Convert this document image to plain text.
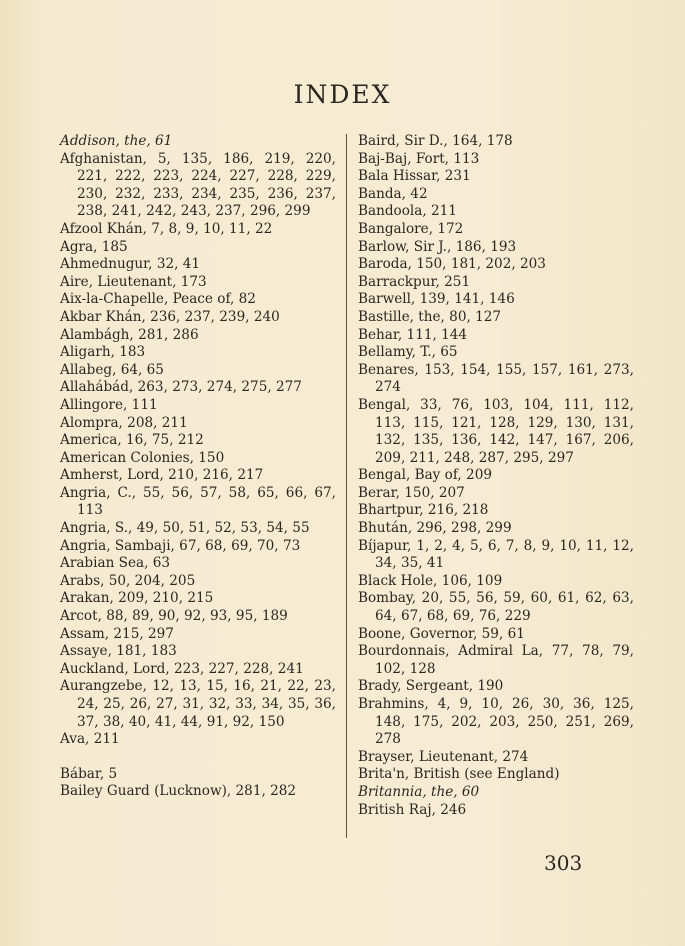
INDEX
Addison, the, 61
Afghanistan, 5, 135, 186, 219, 220, 221, 222, 223, 224, 227, 228, 229, 230, 232, 233, 234, 235, 236, 237, 238, 241, 242, 243, 237, 296, 299
Afzool Khán, 7, 8, 9, 10, 11, 22
Agra, 185
Ahmednugur, 32, 41
Aire, Lieutenant, 173
Aix-la-Chapelle, Peace of, 82
Akbar Khán, 236, 237, 239, 240
Alambágh, 281, 286
Aligarh, 183
Allabeg, 64, 65
Allahábád, 263, 273, 274, 275, 277
Allingore, 111
Alompra, 208, 211
America, 16, 75, 212
American Colonies, 150
Amherst, Lord, 210, 216, 217
Angria, C., 55, 56, 57, 58, 65, 66, 67, 113
Angria, S., 49, 50, 51, 52, 53, 54, 55
Angria, Sambaji, 67, 68, 69, 70, 73
Arabian Sea, 63
Arabs, 50, 204, 205
Arakan, 209, 210, 215
Arcot, 88, 89, 90, 92, 93, 95, 189
Assam, 215, 297
Assaye, 181, 183
Auckland, Lord, 223, 227, 228, 241
Aurangzebe, 12, 13, 15, 16, 21, 22, 23, 24, 25, 26, 27, 31, 32, 33, 34, 35, 36, 37, 38, 40, 41, 44, 91, 92, 150
Ava, 211
Bábar, 5
Bailey Guard (Lucknow), 281, 282
Baird, Sir D., 164, 178
Baj-Baj, Fort, 113
Bala Hissar, 231
Banda, 42
Bandoola, 211
Bangalore, 172
Barlow, Sir J., 186, 193
Baroda, 150, 181, 202, 203
Barrackpur, 251
Barwell, 139, 141, 146
Bastille, the, 80, 127
Behar, 111, 144
Bellamy, T., 65
Benares, 153, 154, 155, 157, 161, 273, 274
Bengal, 33, 76, 103, 104, 111, 112, 113, 115, 121, 128, 129, 130, 131, 132, 135, 136, 142, 147, 167, 206, 209, 211, 248, 287, 295, 297
Bengal, Bay of, 209
Berar, 150, 207
Bhartpur, 216, 218
Bhután, 296, 298, 299
Bíjapur, 1, 2, 4, 5, 6, 7, 8, 9, 10, 11, 12, 34, 35, 41
Black Hole, 106, 109
Bombay, 20, 55, 56, 59, 60, 61, 62, 63, 64, 67, 68, 69, 76, 229
Boone, Governor, 59, 61
Bourdonnais, Admiral La, 77, 78, 79, 102, 128
Brady, Sergeant, 190
Brahmins, 4, 9, 10, 26, 30, 36, 125, 148, 175, 202, 203, 250, 251, 269, 278
Brayser, Lieutenant, 274
Brita'n, British (see England)
Britannia, the, 60
British Raj, 246
303
